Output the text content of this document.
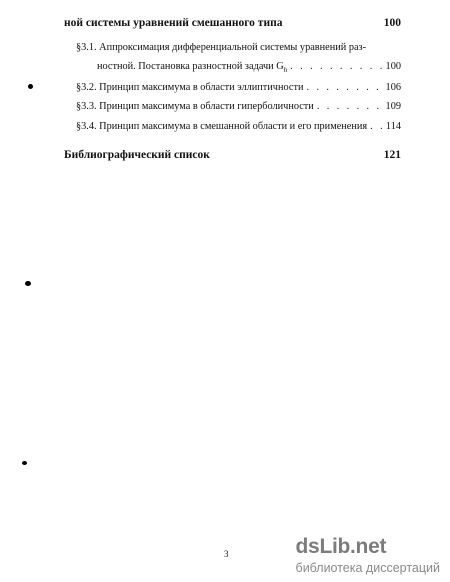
ной системы уравнений смешанного типа	100
§3.1. Аппроксимация дифференциальной системы уравнений раз-
ностной. Постановка разностной задачи $G_h$ . . .	100
§3.2. Принцип максимума в области эллиптичности . . .	106
§3.3. Принцип максимума в области гиперболичности . . .	109
§3.4. Принцип максимума в смешанной области и его применения . . . 114
Библиографический список	121
3	dsLib.net
библиотека диссертаций
